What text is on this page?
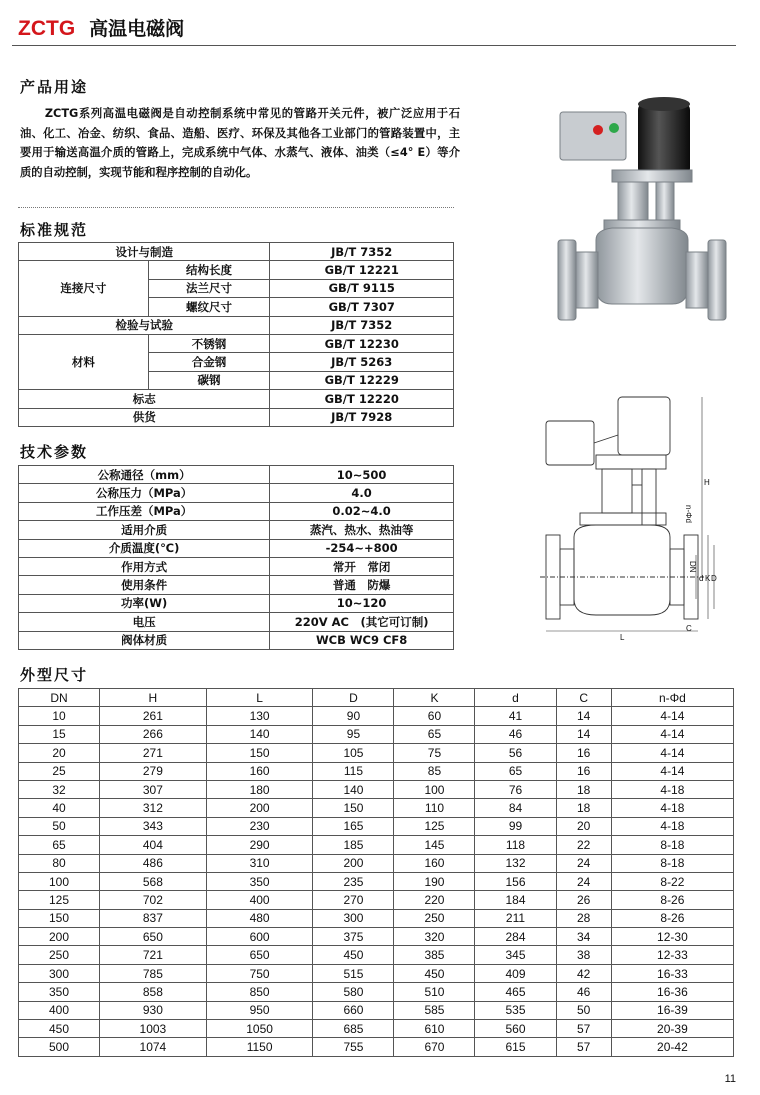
ZCTG 高温电磁阀
产品用途

ZCTG系列高温电磁阀是自动控制系统中常见的管路开关元件，被广泛应用于石油、化工、冶金、纺织、食品、造船、医疗、环保及其他各工业部门的管路装置中，主要用于输送高温介质的管路上，完成系统中气体、水蒸气、液体、油类（≤4° E）等介质的自动控制，实现节能和程序控制的自动化。

标准规范
设计与制造		JB/T 7352
连接尺寸	结构长度	GB/T 12221
	法兰尺寸	GB/T 9115
	螺纹尺寸	GB/T 7307
检验与试验		JB/T 7352
材料	不锈钢	GB/T 12230
	合金钢	JB/T 5263
	碳钢	GB/T 12229
标志		GB/T 12220
供货		JB/T 7928
技术参数
公称通径（mm）	10~500
公称压力（MPa）	4.0
工作压差（MPa）	0.02~4.0
适用介质	蒸汽、热水、热油等
介质温度(℃)	-254~+800
作用方式	常开　常闭
使用条件	普通　防爆
功率(W)	10~120
电压	220V AC　(其它可订制)
阀体材质	WCB WC9 CF8
H
n-Φd
DN
d K D
L
C
外型尺寸
DN	H	L	D	K	d	C	n-Φd
10	261	130	90	60	41	14	4-14
15	266	140	95	65	46	14	4-14
20	271	150	105	75	56	16	4-14
25	279	160	115	85	65	16	4-14
32	307	180	140	100	76	18	4-18
40	312	200	150	110	84	18	4-18
50	343	230	165	125	99	20	4-18
65	404	290	185	145	118	22	8-18
80	486	310	200	160	132	24	8-18
100	568	350	235	190	156	24	8-22
125	702	400	270	220	184	26	8-26
150	837	480	300	250	211	28	8-26
200	650	600	375	320	284	34	12-30
250	721	650	450	385	345	38	12-33
300	785	750	515	450	409	42	16-33
350	858	850	580	510	465	46	16-36
400	930	950	660	585	535	50	16-39
450	1003	1050	685	610	560	57	20-39
500	1074	1150	755	670	615	57	20-42
11
